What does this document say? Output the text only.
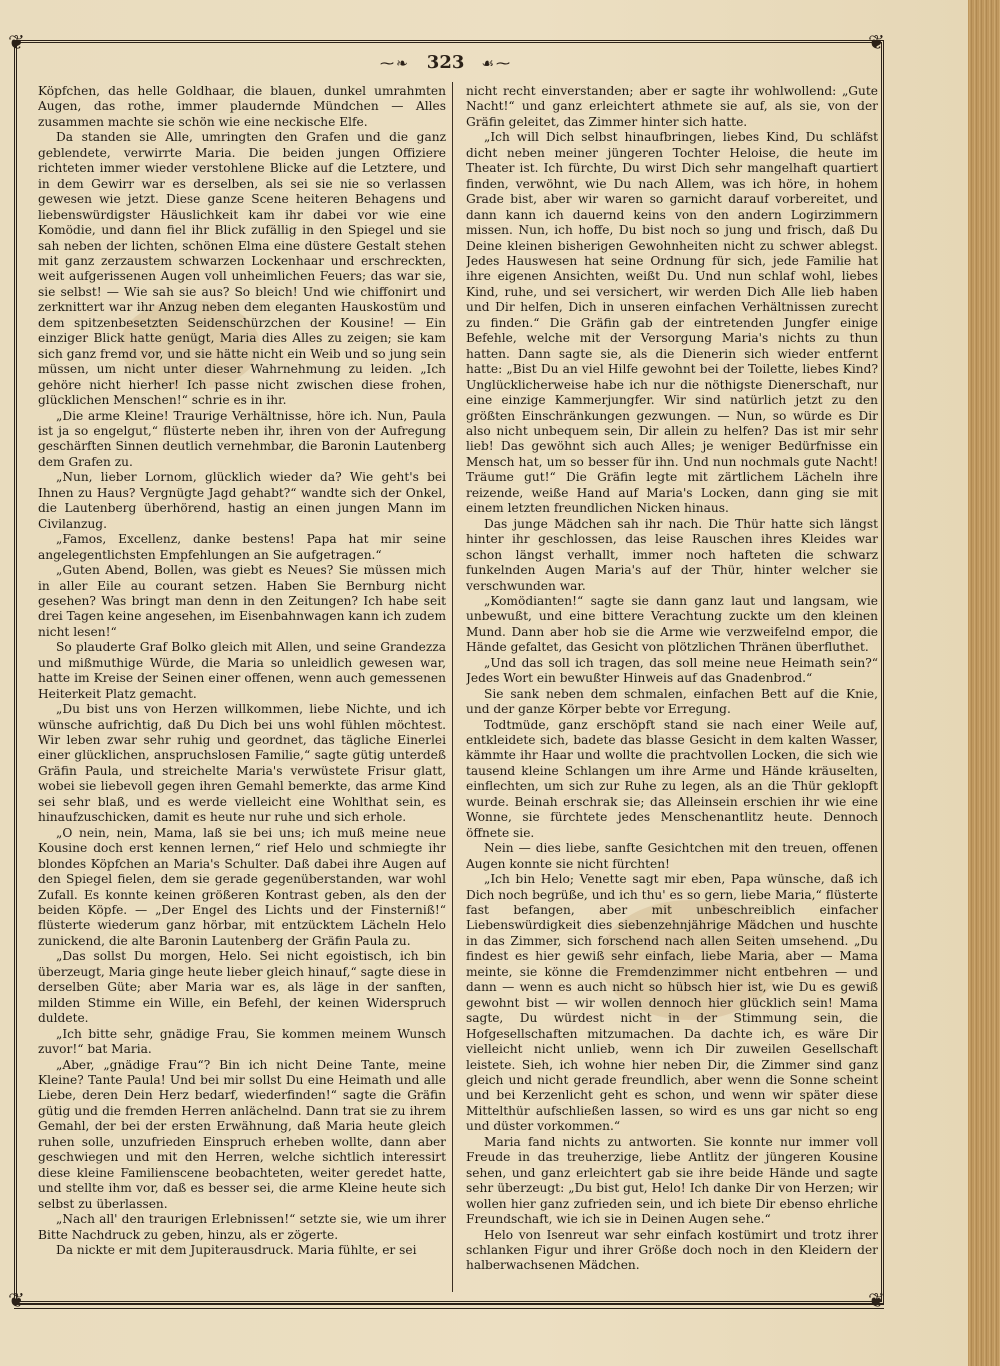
❦	❦
❦	❦
⁓❧ 323 ☙⁓

Köpfchen, das helle Goldhaar, die blauen, dunkel umrahmten Augen, das rothe, immer plaudernde Mündchen — Alles zusammen machte sie schön wie eine neckische Elfe.

Da standen sie Alle, umringten den Grafen und die ganz geblendete, verwirrte Maria. Die beiden jungen Offiziere richteten immer wieder verstohlene Blicke auf die Letztere, und in dem Gewirr war es derselben, als sei sie nie so verlassen gewesen wie jetzt. Diese ganze Scene heiteren Behagens und liebenswürdigster Häuslichkeit kam ihr dabei vor wie eine Komödie, und dann fiel ihr Blick zufällig in den Spiegel und sie sah neben der lichten, schönen Elma eine düstere Gestalt stehen mit ganz zerzaustem schwarzen Lockenhaar und erschreckten, weit aufgerissenen Augen voll unheimlichen Feuers; das war sie, sie selbst! — Wie sah sie aus? So bleich! Und wie chiffonirt und zerknittert war ihr Anzug neben dem eleganten Hauskostüm und dem spitzenbesetzten Seidenschürzchen der Kousine! — Ein einziger Blick hatte genügt, Maria dies Alles zu zeigen; sie kam sich ganz fremd vor, und sie hätte nicht ein Weib und so jung sein müssen, um nicht unter dieser Wahrnehmung zu leiden. „Ich gehöre nicht hierher! Ich passe nicht zwischen diese frohen, glücklichen Menschen!“ schrie es in ihr.

„Die arme Kleine! Traurige Verhältnisse, höre ich. Nun, Paula ist ja so engelgut,“ flüsterte neben ihr, ihren von der Aufregung geschärften Sinnen deutlich vernehmbar, die Baronin Lautenberg dem Grafen zu.

„Nun, lieber Lornom, glücklich wieder da? Wie geht's bei Ihnen zu Haus? Vergnügte Jagd gehabt?“ wandte sich der Onkel, die Lautenberg überhörend, hastig an einen jungen Mann im Civilanzug.

„Famos, Excellenz, danke bestens! Papa hat mir seine angelegentlichsten Empfehlungen an Sie aufgetragen.“

„Guten Abend, Bollen, was giebt es Neues? Sie müssen mich in aller Eile au courant setzen. Haben Sie Bernburg nicht gesehen? Was bringt man denn in den Zeitungen? Ich habe seit drei Tagen keine angesehen, im Eisenbahnwagen kann ich zudem nicht lesen!“

So plauderte Graf Bolko gleich mit Allen, und seine Grandezza und mißmuthige Würde, die Maria so unleidlich gewesen war, hatte im Kreise der Seinen einer offenen, wenn auch gemessenen Heiterkeit Platz gemacht.

„Du bist uns von Herzen willkommen, liebe Nichte, und ich wünsche aufrichtig, daß Du Dich bei uns wohl fühlen möchtest. Wir leben zwar sehr ruhig und geordnet, das tägliche Einerlei einer glücklichen, anspruchslosen Familie,“ sagte gütig unterdeß Gräfin Paula, und streichelte Maria's verwüstete Frisur glatt, wobei sie liebevoll gegen ihren Gemahl bemerkte, das arme Kind sei sehr blaß, und es werde vielleicht eine Wohlthat sein, es hinaufzuschicken, damit es heute nur ruhe und sich erhole.

„O nein, nein, Mama, laß sie bei uns; ich muß meine neue Kousine doch erst kennen lernen,“ rief Helo und schmiegte ihr blondes Köpfchen an Maria's Schulter. Daß dabei ihre Augen auf den Spiegel fielen, dem sie gerade gegenüberstanden, war wohl Zufall. Es konnte keinen größeren Kontrast geben, als den der beiden Köpfe. — „Der Engel des Lichts und der Finsterniß!“ flüsterte wiederum ganz hörbar, mit entzücktem Lächeln Helo zunickend, die alte Baronin Lautenberg der Gräfin Paula zu.

„Das sollst Du morgen, Helo. Sei nicht egoistisch, ich bin überzeugt, Maria ginge heute lieber gleich hinauf,“ sagte diese in derselben Güte; aber Maria war es, als läge in der sanften, milden Stimme ein Wille, ein Befehl, der keinen Widerspruch duldete.

„Ich bitte sehr, gnädige Frau, Sie kommen meinem Wunsch zuvor!“ bat Maria.

„Aber, „gnädige Frau“? Bin ich nicht Deine Tante, meine Kleine? Tante Paula! Und bei mir sollst Du eine Heimath und alle Liebe, deren Dein Herz bedarf, wiederfinden!“ sagte die Gräfin gütig und die fremden Herren anlächelnd. Dann trat sie zu ihrem Gemahl, der bei der ersten Erwähnung, daß Maria heute gleich ruhen solle, unzufrieden Einspruch erheben wollte, dann aber geschwiegen und mit den Herren, welche sichtlich interessirt diese kleine Familienscene beobachteten, weiter geredet hatte, und stellte ihm vor, daß es besser sei, die arme Kleine heute sich selbst zu überlassen.

„Nach all' den traurigen Erlebnissen!“ setzte sie, wie um ihrer Bitte Nachdruck zu geben, hinzu, als er zögerte.

Da nickte er mit dem Jupiterausdruck. Maria fühlte, er sei

nicht recht einverstanden; aber er sagte ihr wohlwollend: „Gute Nacht!“ und ganz erleichtert athmete sie auf, als sie, von der Gräfin geleitet, das Zimmer hinter sich hatte.

„Ich will Dich selbst hinaufbringen, liebes Kind, Du schläfst dicht neben meiner jüngeren Tochter Heloise, die heute im Theater ist. Ich fürchte, Du wirst Dich sehr mangelhaft quartiert finden, verwöhnt, wie Du nach Allem, was ich höre, in hohem Grade bist, aber wir waren so garnicht darauf vorbereitet, und dann kann ich dauernd keins von den andern Logirzimmern missen. Nun, ich hoffe, Du bist noch so jung und frisch, daß Du Deine kleinen bisherigen Gewohnheiten nicht zu schwer ablegst. Jedes Hauswesen hat seine Ordnung für sich, jede Familie hat ihre eigenen Ansichten, weißt Du. Und nun schlaf wohl, liebes Kind, ruhe, und sei versichert, wir werden Dich Alle lieb haben und Dir helfen, Dich in unseren einfachen Verhältnissen zurecht zu finden.“ Die Gräfin gab der eintretenden Jungfer einige Befehle, welche mit der Versorgung Maria's nichts zu thun hatten. Dann sagte sie, als die Dienerin sich wieder entfernt hatte: „Bist Du an viel Hilfe gewohnt bei der Toilette, liebes Kind? Unglücklicherweise habe ich nur die nöthigste Dienerschaft, nur eine einzige Kammerjungfer. Wir sind natürlich jetzt zu den größten Einschränkungen gezwungen. — Nun, so würde es Dir also nicht unbequem sein, Dir allein zu helfen? Das ist mir sehr lieb! Das gewöhnt sich auch Alles; je weniger Bedürfnisse ein Mensch hat, um so besser für ihn. Und nun nochmals gute Nacht! Träume gut!“ Die Gräfin legte mit zärtlichem Lächeln ihre reizende, weiße Hand auf Maria's Locken, dann ging sie mit einem letzten freundlichen Nicken hinaus.

Das junge Mädchen sah ihr nach. Die Thür hatte sich längst hinter ihr geschlossen, das leise Rauschen ihres Kleides war schon längst verhallt, immer noch hafteten die schwarz funkelnden Augen Maria's auf der Thür, hinter welcher sie verschwunden war.

„Komödianten!“ sagte sie dann ganz laut und langsam, wie unbewußt, und eine bittere Verachtung zuckte um den kleinen Mund. Dann aber hob sie die Arme wie verzweifelnd empor, die Hände gefaltet, das Gesicht von plötzlichen Thränen überfluthet.

„Und das soll ich tragen, das soll meine neue Heimath sein?“ Jedes Wort ein bewußter Hinweis auf das Gnadenbrod.“

Sie sank neben dem schmalen, einfachen Bett auf die Knie, und der ganze Körper bebte vor Erregung.

Todtmüde, ganz erschöpft stand sie nach einer Weile auf, entkleidete sich, badete das blasse Gesicht in dem kalten Wasser, kämmte ihr Haar und wollte die prachtvollen Locken, die sich wie tausend kleine Schlangen um ihre Arme und Hände kräuselten, einflechten, um sich zur Ruhe zu legen, als an die Thür geklopft wurde. Beinah erschrak sie; das Alleinsein erschien ihr wie eine Wonne, sie fürchtete jedes Menschenantlitz heute. Dennoch öffnete sie.

Nein — dies liebe, sanfte Gesichtchen mit den treuen, offenen Augen konnte sie nicht fürchten!

„Ich bin Helo; Venette sagt mir eben, Papa wünsche, daß ich Dich noch begrüße, und ich thu' es so gern, liebe Maria,“ flüsterte fast befangen, aber mit unbeschreiblich einfacher Liebenswürdigkeit dies siebenzehnjährige Mädchen und huschte in das Zimmer, sich forschend nach allen Seiten umsehend. „Du findest es hier gewiß sehr einfach, liebe Maria, aber — Mama meinte, sie könne die Fremdenzimmer nicht entbehren — und dann — wenn es auch nicht so hübsch hier ist, wie Du es gewiß gewohnt bist — wir wollen dennoch hier glücklich sein! Mama sagte, Du würdest nicht in der Stimmung sein, die Hofgesellschaften mitzumachen. Da dachte ich, es wäre Dir vielleicht nicht unlieb, wenn ich Dir zuweilen Gesellschaft leistete. Sieh, ich wohne hier neben Dir, die Zimmer sind ganz gleich und nicht gerade freundlich, aber wenn die Sonne scheint und bei Kerzenlicht geht es schon, und wenn wir später diese Mittelthür aufschließen lassen, so wird es uns gar nicht so eng und düster vorkommen.“

Maria fand nichts zu antworten. Sie konnte nur immer voll Freude in das treuherzige, liebe Antlitz der jüngeren Kousine sehen, und ganz erleichtert gab sie ihre beide Hände und sagte sehr überzeugt: „Du bist gut, Helo! Ich danke Dir von Herzen; wir wollen hier ganz zufrieden sein, und ich biete Dir ebenso ehrliche Freundschaft, wie ich sie in Deinen Augen sehe.“

Helo von Isenreut war sehr einfach kostümirt und trotz ihrer schlanken Figur und ihrer Größe doch noch in den Kleidern der halberwachsenen Mädchen.
